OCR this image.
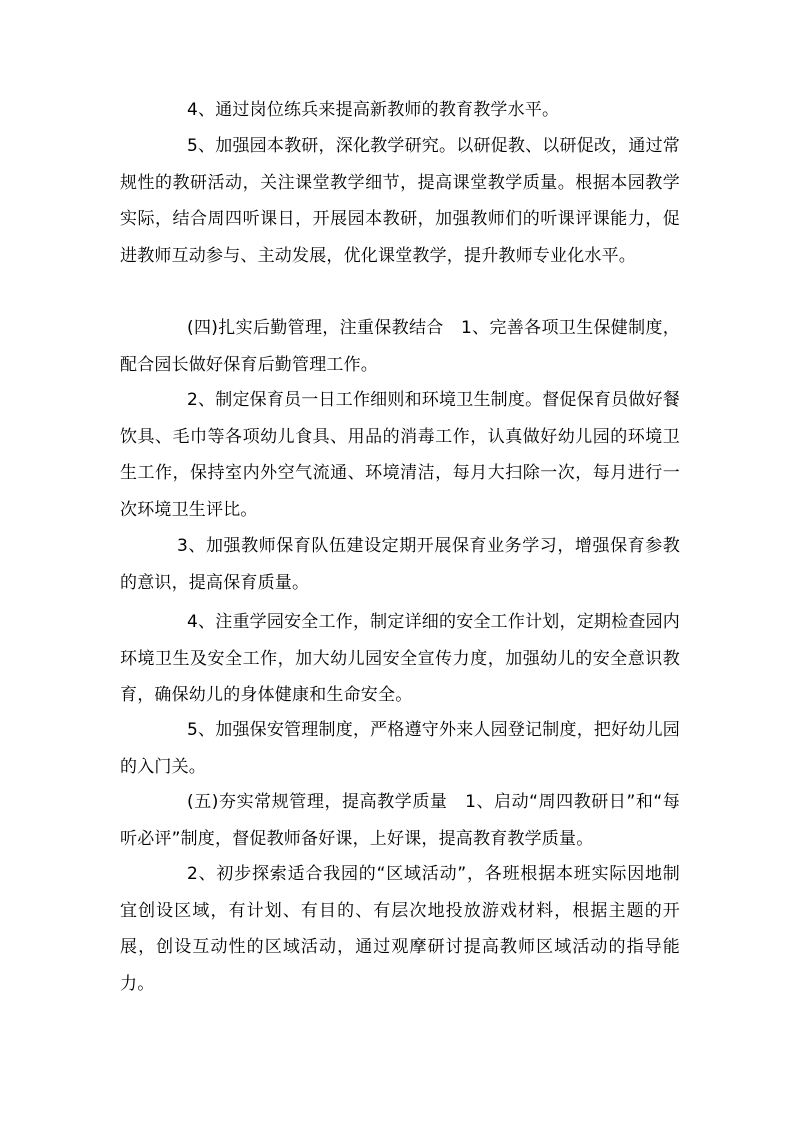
4、通过岗位练兵来提高新教师的教育教学水平。

5、加强园本教研，深化教学研究。以研促教、以研促改，通过常规性的教研活动，关注课堂教学细节，提高课堂教学质量。根据本园教学实际，结合周四听课日，开展园本教研，加强教师们的听课评课能力，促进教师互动参与、主动发展，优化课堂教学，提升教师专业化水平。

(四)扎实后勤管理，注重保教结合　1、完善各项卫生保健制度，配合园长做好保育后勤管理工作。

2、制定保育员一日工作细则和环境卫生制度。督促保育员做好餐饮具、毛巾等各项幼儿食具、用品的消毒工作，认真做好幼儿园的环境卫生工作，保持室内外空气流通、环境清洁，每月大扫除一次，每月进行一次环境卫生评比。

3、加强教师保育队伍建设定期开展保育业务学习，增强保育参教的意识，提高保育质量。

4、注重学园安全工作，制定详细的安全工作计划，定期检查园内环境卫生及安全工作，加大幼儿园安全宣传力度，加强幼儿的安全意识教育，确保幼儿的身体健康和生命安全。

5、加强保安管理制度，严格遵守外来人园登记制度，把好幼儿园的入门关。

(五)夯实常规管理，提高教学质量　1、启动“周四教研日”和“每听必评”制度，督促教师备好课，上好课，提高教育教学质量。

2、初步探索适合我园的“区域活动”，各班根据本班实际因地制宜创设区域，有计划、有目的、有层次地投放游戏材料，根据主题的开展，创设互动性的区域活动，通过观摩研讨提高教师区域活动的指导能力。
